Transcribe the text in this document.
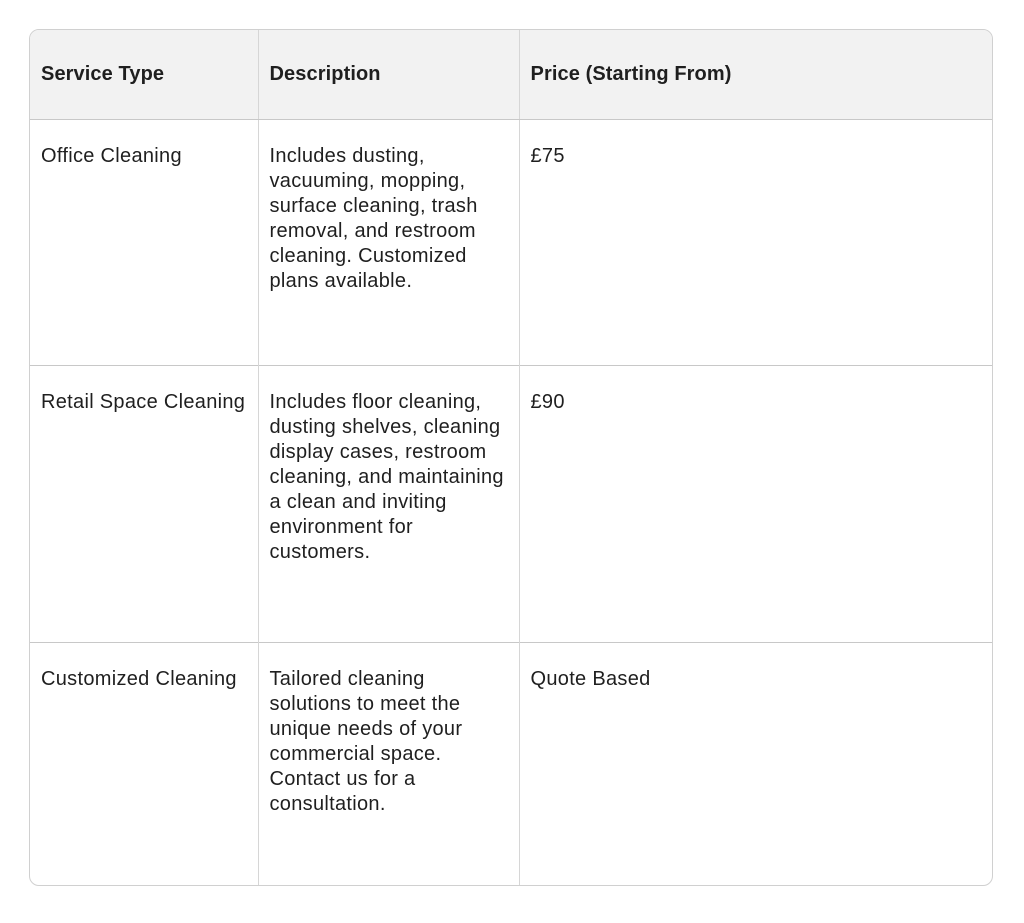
Service Type	Description	Price (Starting From)
Office Cleaning	Includes dusting, vacuuming, mopping, surface cleaning, trash removal, and restroom cleaning. Customized plans available.	£75
Retail Space Cleaning	Includes floor cleaning, dusting shelves, cleaning display cases, restroom cleaning, and maintaining a clean and inviting environment for customers.	£90
Customized Cleaning	Tailored cleaning solutions to meet the unique needs of your commercial space. Contact us for a consultation.	Quote Based
